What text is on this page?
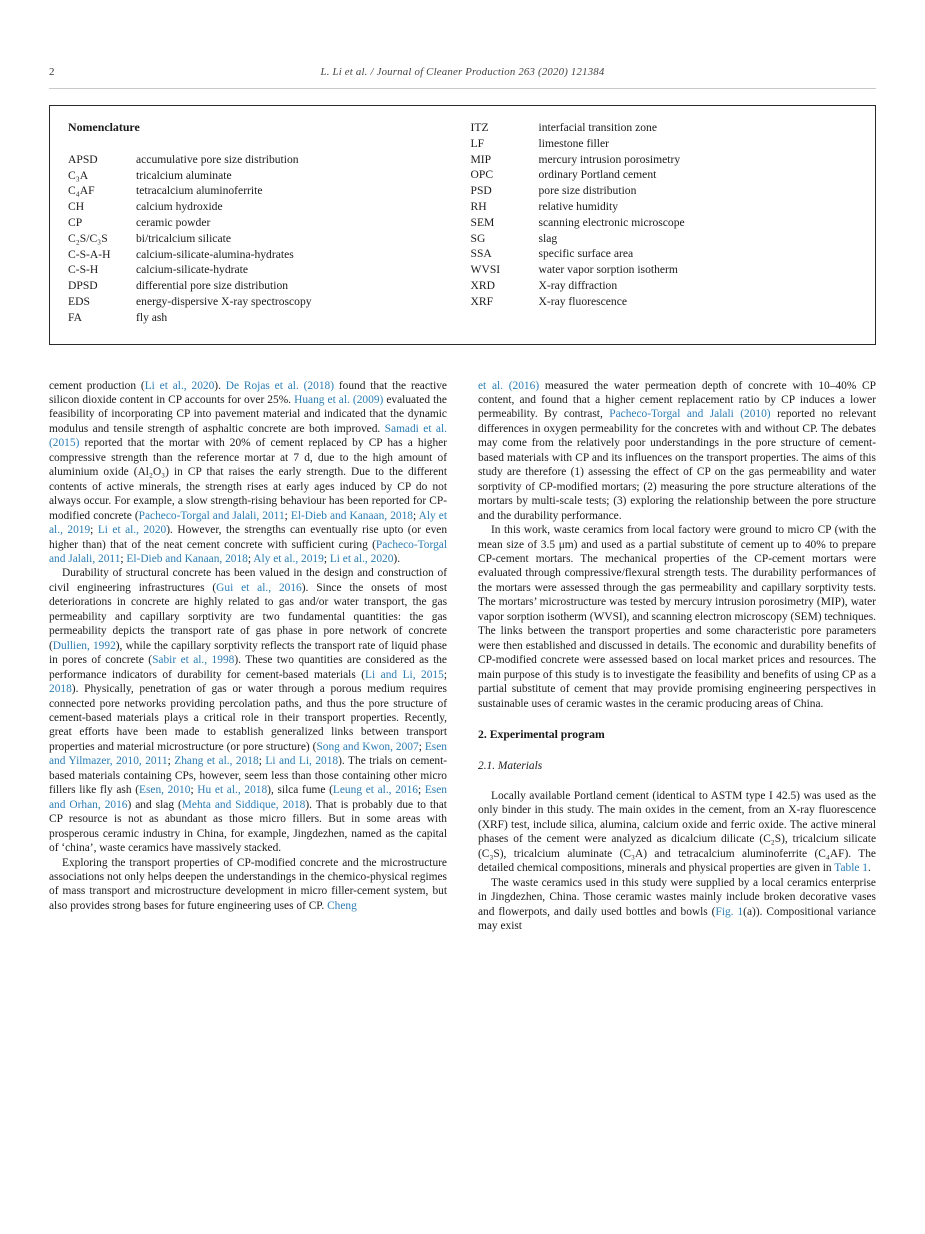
2	L. Li et al. / Journal of Cleaner Production 263 (2020) 121384
Nomenclature
APSD	accumulative pore size distribution
C₃A	tricalcium aluminate
C₄AF	tetracalcium aluminoferrite
CH	calcium hydroxide
CP	ceramic powder
C₂S/C₃S	bi/tricalcium silicate
C-S-A-H	calcium-silicate-alumina-hydrates
C-S-H	calcium-silicate-hydrate
DPSD	differential pore size distribution
EDS	energy-dispersive X-ray spectroscopy
FA	fly ash
ITZ	interfacial transition zone
LF	limestone filler
MIP	mercury intrusion porosimetry
OPC	ordinary Portland cement
PSD	pore size distribution
RH	relative humidity
SEM	scanning electronic microscope
SG	slag
SSA	specific surface area
WVSI	water vapor sorption isotherm
XRD	X-ray diffraction
XRF	X-ray fluorescence

cement production (Li et al., 2020). De Rojas et al. (2018) found that the reactive silicon dioxide content in CP accounts for over 25%. Huang et al. (2009) evaluated the feasibility of incorporating CP into pavement material and indicated that the dynamic modulus and tensile strength of asphaltic concrete are both improved. Samadi et al. (2015) reported that the mortar with 20% of cement replaced by CP has a higher compressive strength than the reference mortar at 7 d, due to the high amount of aluminium oxide (Al₂O₃) in CP that raises the early strength. Due to the different contents of active minerals, the strength rises at early ages induced by CP do not always occur. For example, a slow strength-rising behaviour has been reported for CP-modified concrete (Pacheco-Torgal and Jalali, 2011; El-Dieb and Kanaan, 2018; Aly et al., 2019; Li et al., 2020). However, the strengths can eventually rise upto (or even higher than) that of the neat cement concrete with sufficient curing (Pacheco-Torgal and Jalali, 2011; El-Dieb and Kanaan, 2018; Aly et al., 2019; Li et al., 2020).

Durability of structural concrete has been valued in the design and construction of civil engineering infrastructures (Gui et al., 2016). Since the onsets of most deteriorations in concrete are highly related to gas and/or water transport, the gas permeability and capillary sorptivity are two fundamental quantities: the gas permeability depicts the transport rate of gas phase in pore network of concrete (Dullien, 1992), while the capillary sorptivity reflects the transport rate of liquid phase in pores of concrete (Sabir et al., 1998). These two quantities are considered as the performance indicators of durability for cement-based materials (Li and Li, 2015; 2018). Physically, penetration of gas or water through a porous medium requires connected pore networks providing percolation paths, and thus the pore structure of cement-based materials plays a critical role in their transport properties. Recently, great efforts have been made to establish generalized links between transport properties and material microstructure (or pore structure) (Song and Kwon, 2007; Esen and Yilmazer, 2010, 2011; Zhang et al., 2018; Li and Li, 2018). The trials on cement-based materials containing CPs, however, seem less than those containing other micro fillers like fly ash (Esen, 2010; Hu et al., 2018), silca fume (Leung et al., 2016; Esen and Orhan, 2016) and slag (Mehta and Siddique, 2018). That is probably due to that CP resource is not as abundant as those micro fillers. But in some areas with prosperous ceramic industry in China, for example, Jingdezhen, named as the capital of ‘china’, waste ceramics have massively stacked.

Exploring the transport properties of CP-modified concrete and the microstructure associations not only helps deepen the understandings in the chemico-physical regimes of mass transport and microstructure development in micro filler-cement system, but also provides strong bases for future engineering uses of CP. Cheng

et al. (2016) measured the water permeation depth of concrete with 10–40% CP content, and found that a higher cement replacement ratio by CP induces a lower permeability. By contrast, Pacheco-Torgal and Jalali (2010) reported no relevant differences in oxygen permeability for the concretes with and without CP. The debates may come from the relatively poor understandings in the pore structure of cement-based materials with CP and its influences on the transport properties. The aims of this study are therefore (1) assessing the effect of CP on the gas permeability and water sorptivity of CP-modified mortars; (2) measuring the pore structure alterations of the mortars by multi-scale tests; (3) exploring the relationship between the pore structure and the durability performance.

In this work, waste ceramics from local factory were ground to micro CP (with the mean size of 3.5 μm) and used as a partial substitute of cement up to 40% to prepare CP-cement mortars. The mechanical properties of the CP-cement mortars were evaluated through compressive/flexural strength tests. The durability performances of the mortars were assessed through the gas permeability and capillary sorptivity tests. The mortars’ microstructure was tested by mercury intrusion porosimetry (MIP), water vapor sorption isotherm (WVSI), and scanning electron microscopy (SEM) techniques. The links between the transport properties and some characteristic pore parameters were then established and discussed in details. The economic and durability benefits of CP-modified concrete were assessed based on local market prices and resources. The main purpose of this study is to investigate the feasibility and benefits of using CP as a partial substitute of cement that may provide promising engineering perspectives in sustainable uses of ceramic wastes in the ceramic producing areas of China.

2. Experimental program
2.1. Materials

Locally available Portland cement (identical to ASTM type I 42.5) was used as the only binder in this study. The main oxides in the cement, from an X-ray fluorescence (XRF) test, include silica, alumina, calcium oxide and ferric oxide. The active mineral phases of the cement were analyzed as dicalcium dilicate (C₂S), tricalcium silicate (C₃S), tricalcium aluminate (C₃A) and tetracalcium aluminoferrite (C₄AF). The detailed chemical compositions, minerals and physical properties are given in Table 1.

The waste ceramics used in this study were supplied by a local ceramics enterprise in Jingdezhen, China. Those ceramic wastes mainly include broken decorative vases and flowerpots, and daily used bottles and bowls (Fig. 1(a)). Compositional variance may exist
